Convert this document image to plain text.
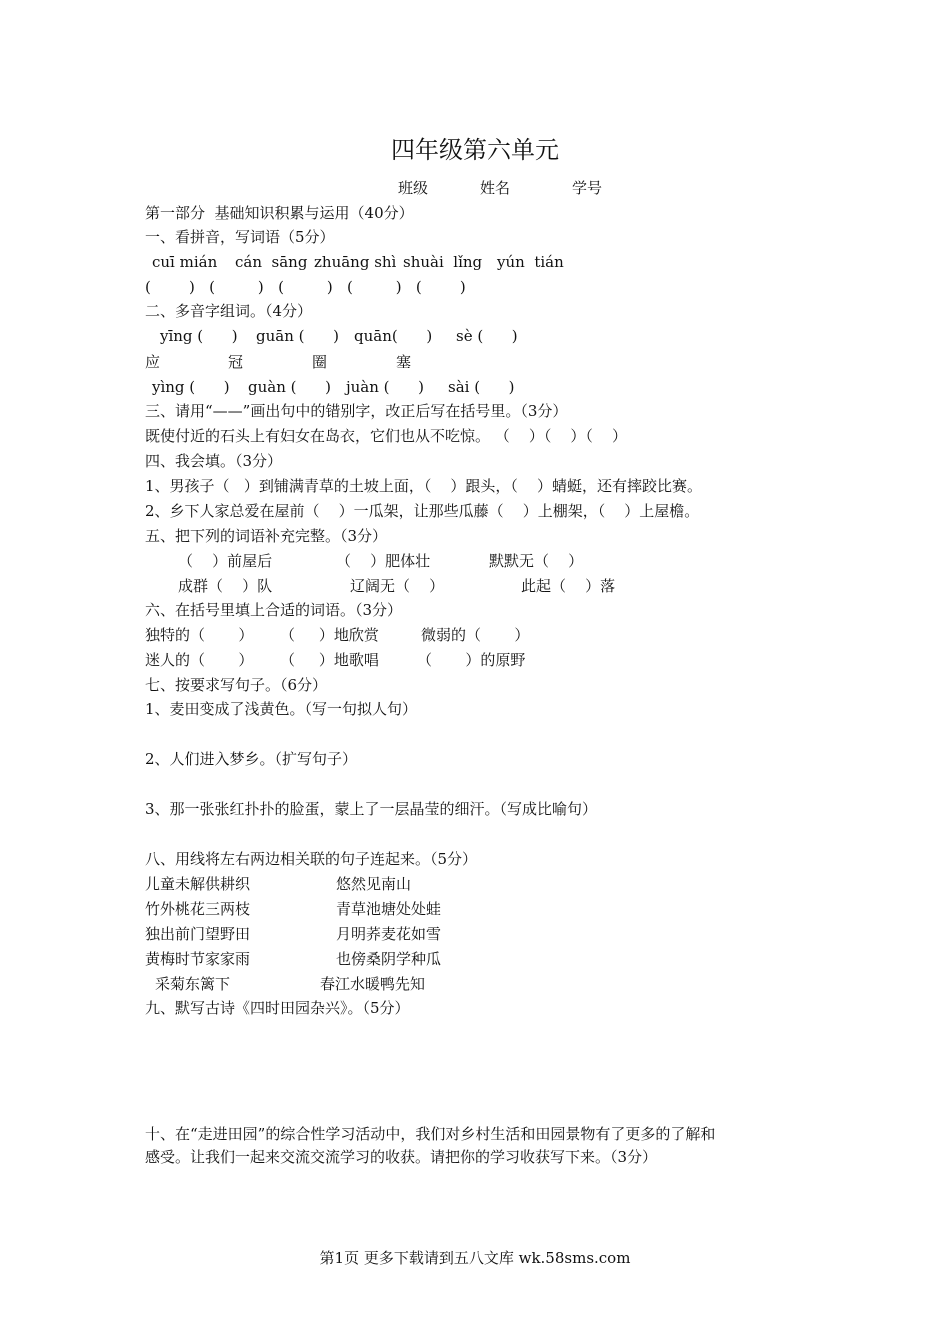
四年级第六单元
班级	姓名	学号
第一部分  基础知识积累与运用（40分）
一、看拼音，写词语（5分）
cuī mián cán  sāng zhuāng shì shuài  lǐng yún  tián
(        )   (         )   (         )   (         )   (        )
二、多音字组词。（4分）
yīng (      ) guān (      ) quān(      ) sè (      )
应	冠	圈	塞
yìng (      ) guàn (      ) juàn (      ) sài (      )
三、请用“——”画出句中的错别字，改正后写在括号里。（3分）
既使付近的石头上有妇女在岛衣，它们也从不吃惊。 （    ）（    ）（    ）
四、我会填。（3分）
1、男孩子（   ）到铺满青草的土坡上面，（    ）跟头，（    ）蜻蜓，还有摔跤比赛。
2、乡下人家总爱在屋前（    ）一瓜架，让那些瓜藤（    ）上棚架，（    ）上屋檐。
五、把下列的词语补充完整。（3分）
（    ）前屋后	（    ）肥体壮	默默无（    ）
成群（    ）队	辽阔无（    ）	此起（    ）落
六、在括号里填上合适的词语。（3分）
独特的（       ） （     ）地欣赏	微弱的（       ）
迷人的（       ） （     ）地歌唱	（       ）的原野
七、按要求写句子。（6分）
1、麦田变成了浅黄色。（写一句拟人句）
2、人们进入梦乡。（扩写句子）
3、那一张张红扑扑的脸蛋，蒙上了一层晶莹的细汗。（写成比喻句）
八、用线将左右两边相关联的句子连起来。（5分）
儿童未解供耕织
竹外桃花三两枝
独出前门望野田
黄梅时节家家雨
采菊东篱下
悠然见南山
青草池塘处处蛙
月明荞麦花如雪
也傍桑阴学种瓜
春江水暖鸭先知
九、默写古诗《四时田园杂兴》。（5分）
十、在“走进田园”的综合性学习活动中，我们对乡村生活和田园景物有了更多的了解和
感受。让我们一起来交流交流学习的收获。请把你的学习收获写下来。（3分）
第1页 更多下载请到五八文库 wk.58sms.com
